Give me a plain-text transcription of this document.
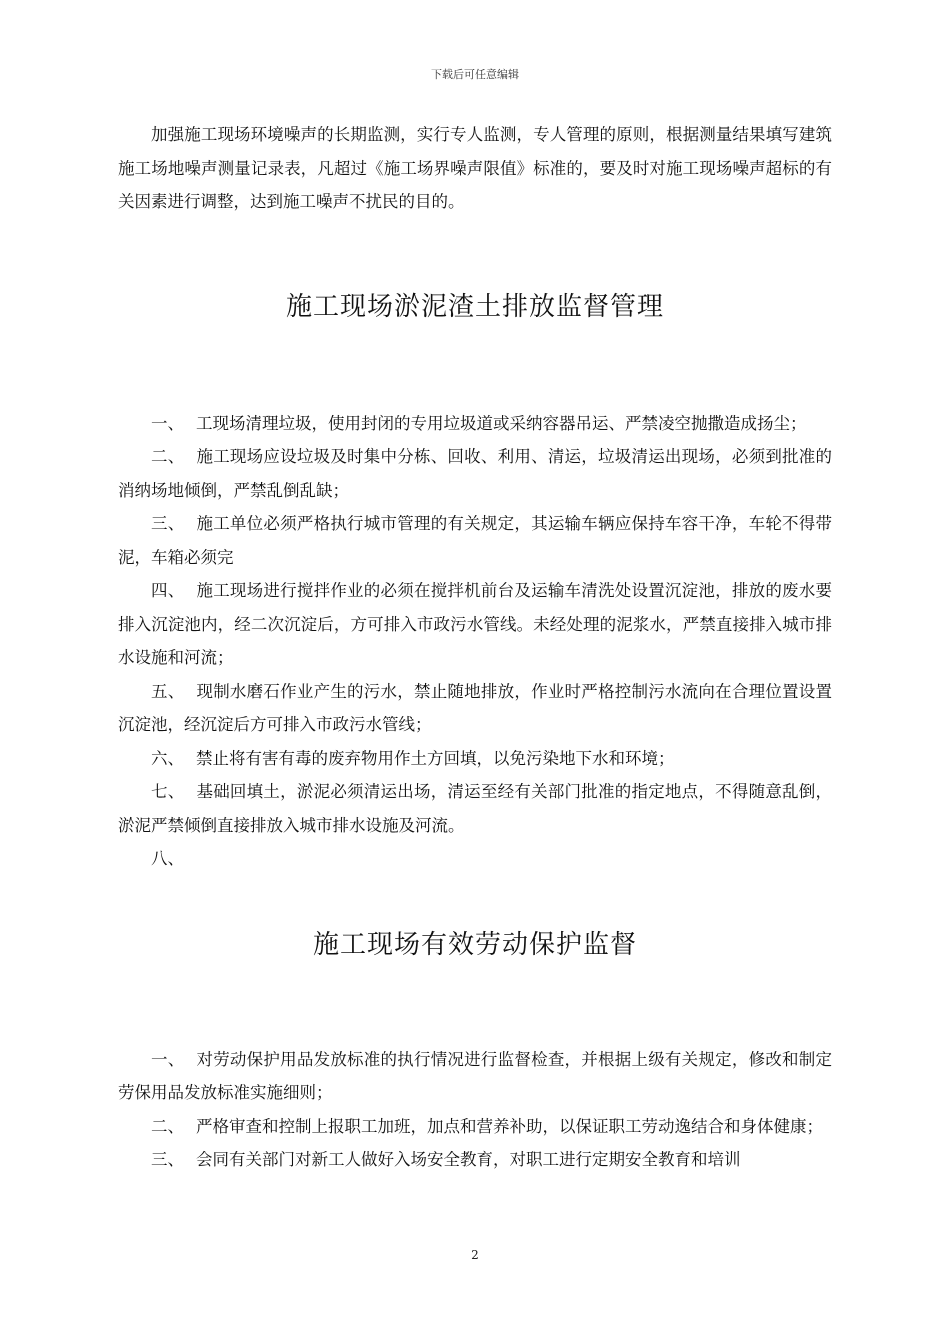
下载后可任意编辑

加强施工现场环境噪声的长期监测，实行专人监测，专人管理的原则，根据测量结果填写建筑施工场地噪声测量记录表，凡超过《施工场界噪声限值》标准的，要及时对施工现场噪声超标的有关因素进行调整，达到施工噪声不扰民的目的。

施工现场淤泥渣土排放监督管理

一、 工现场清理垃圾，使用封闭的专用垃圾道或采纳容器吊运、严禁凌空抛撒造成扬尘；

二、 施工现场应设垃圾及时集中分栋、回收、利用、清运，垃圾清运出现场，必须到批准的消纳场地倾倒，严禁乱倒乱缺；

三、 施工单位必须严格执行城市管理的有关规定，其运输车辆应保持车容干净，车轮不得带泥，车箱必须完

四、 施工现场进行搅拌作业的必须在搅拌机前台及运输车清洗处设置沉淀池，排放的废水要排入沉淀池内，经二次沉淀后，方可排入市政污水管线。未经处理的泥浆水，严禁直接排入城市排水设施和河流；

五、 现制水磨石作业产生的污水，禁止随地排放，作业时严格控制污水流向在合理位置设置沉淀池，经沉淀后方可排入市政污水管线；

六、 禁止将有害有毒的废弃物用作土方回填，以免污染地下水和环境；

七、 基础回填土，淤泥必须清运出场，清运至经有关部门批准的指定地点，不得随意乱倒，淤泥严禁倾倒直接排放入城市排水设施及河流。

八、

施工现场有效劳动保护监督

一、 对劳动保护用品发放标准的执行情况进行监督检查，并根据上级有关规定，修改和制定劳保用品发放标准实施细则；

二、 严格审查和控制上报职工加班，加点和营养补助，以保证职工劳动逸结合和身体健康；

三、 会同有关部门对新工人做好入场安全教育，对职工进行定期安全教育和培训

2
